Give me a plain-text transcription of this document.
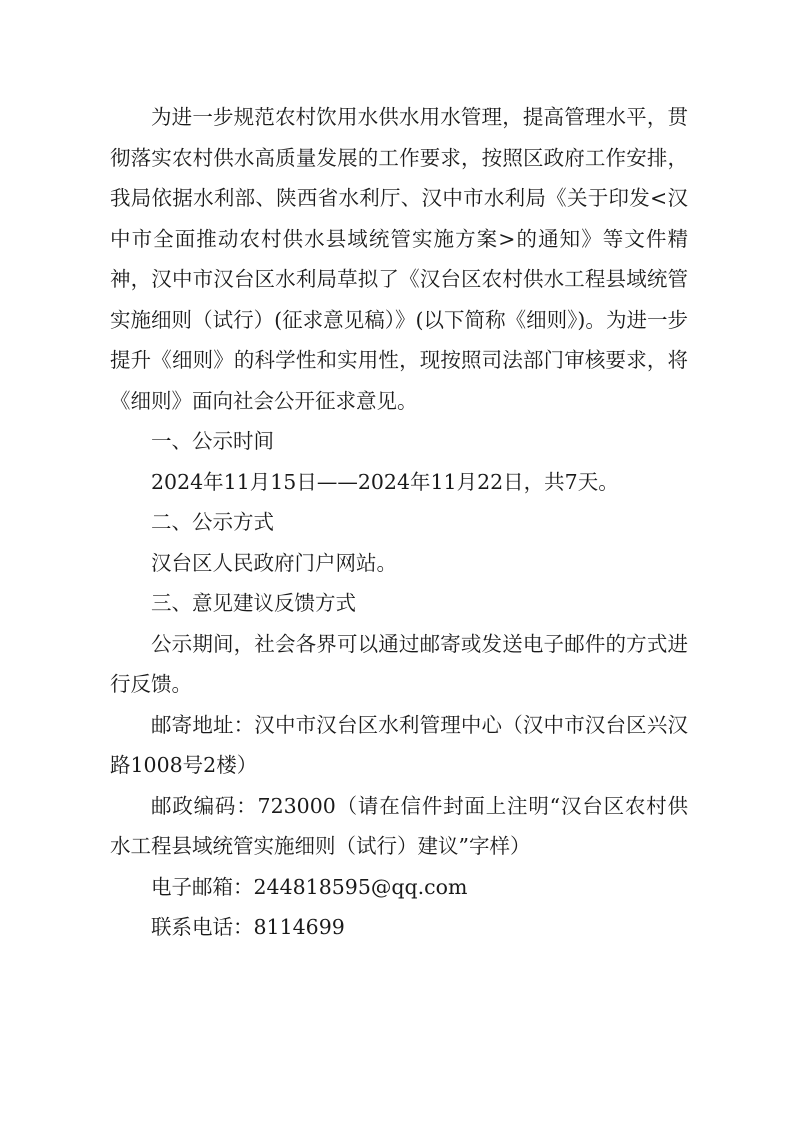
为进一步规范农村饮用水供水用水管理，提高管理水平，贯彻落实农村供水高质量发展的工作要求，按照区政府工作安排，我局依据水利部、陕西省水利厅、汉中市水利局《关于印发<汉中市全面推动农村供水县域统管实施方案>的通知》等文件精神，汉中市汉台区水利局草拟了《汉台区农村供水工程县域统管实施细则（试行）(征求意见稿）》(以下简称《细则》)。为进一步提升《细则》的科学性和实用性，现按照司法部门审核要求，将《细则》面向社会公开征求意见。

一、公示时间

2024年11月15日——2024年11月22日，共7天。

二、公示方式

汉台区人民政府门户网站。

三、意见建议反馈方式

公示期间，社会各界可以通过邮寄或发送电子邮件的方式进行反馈。

邮寄地址：汉中市汉台区水利管理中心（汉中市汉台区兴汉路1008号2楼）

邮政编码：723000（请在信件封面上注明“汉台区农村供水工程县域统管实施细则（试行）建议”字样）

电子邮箱：244818595@qq.com

联系电话：8114699
